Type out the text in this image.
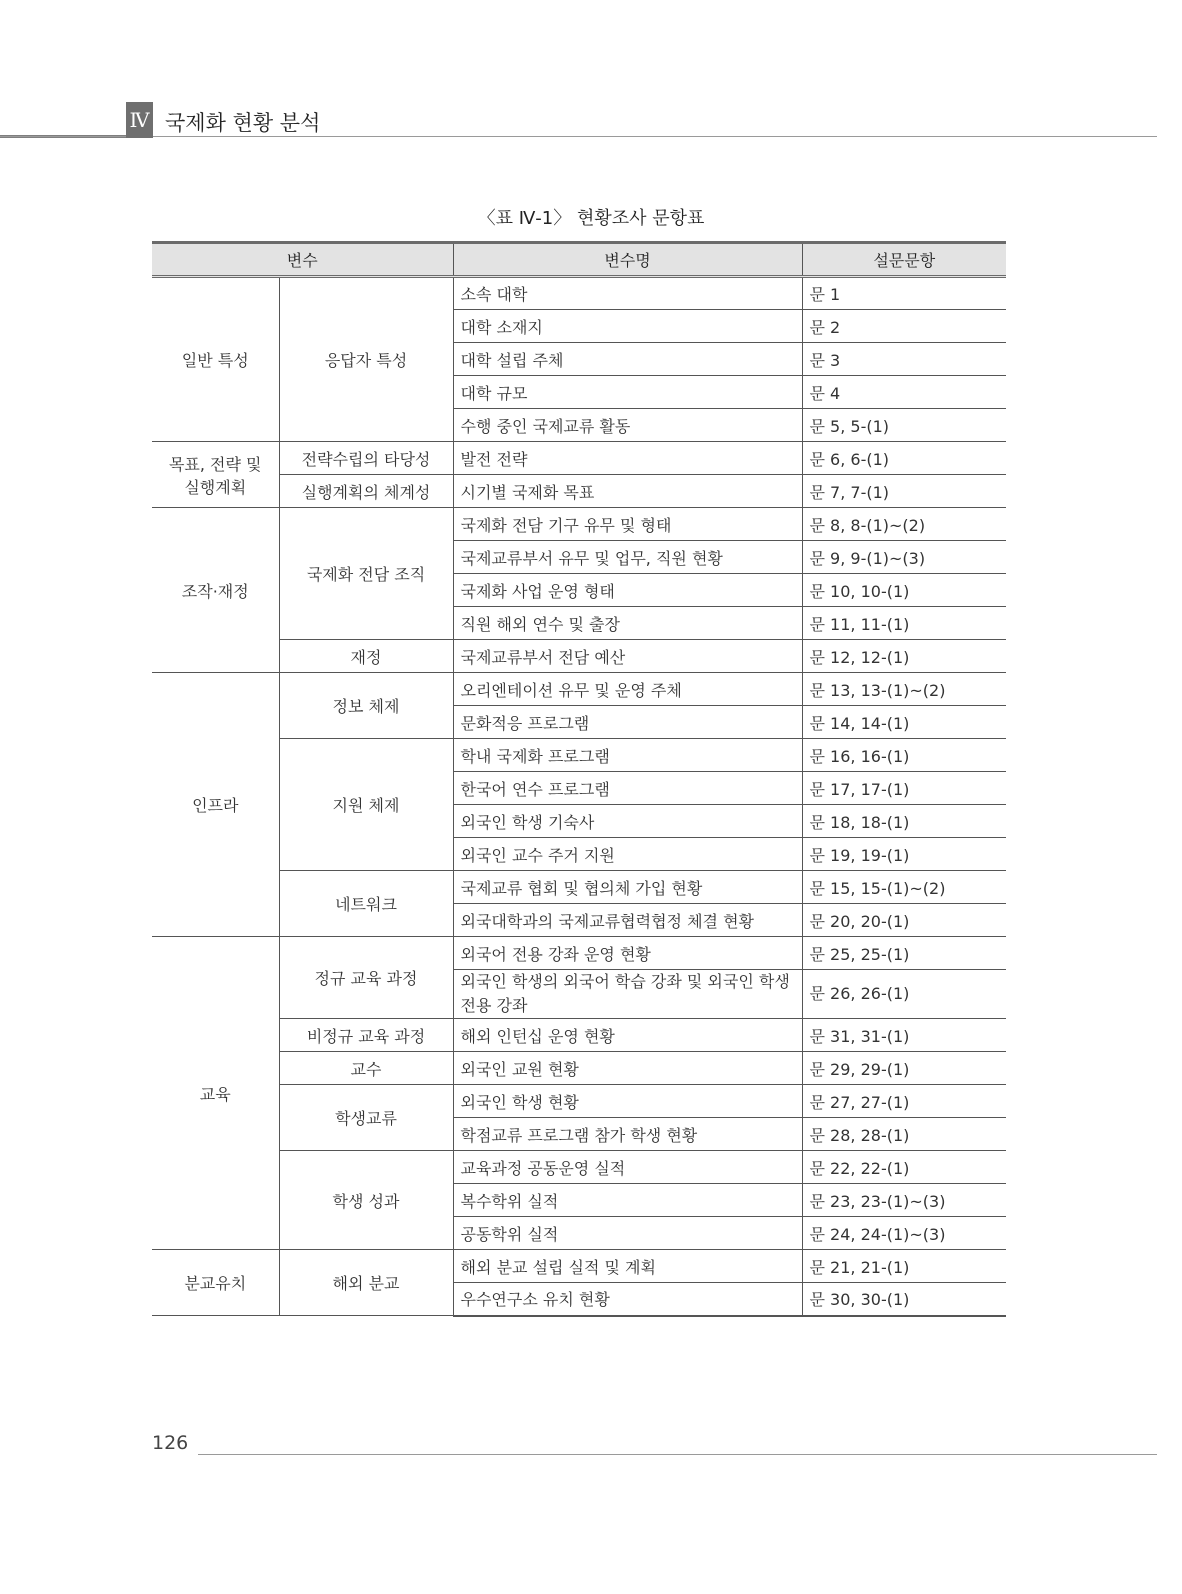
Ⅳ 국제화 현황 분석
〈표 Ⅳ-1〉 현황조사 문항표
변수		변수명	설문문항
일반 특성	응답자 특성	소속 대학	문 1
		대학 소재지	문 2
		대학 설립 주체	문 3
		대학 규모	문 4
		수행 중인 국제교류 활동	문 5, 5-(1)
목표, 전략 및 실행계획	전략수립의 타당성	발전 전략	문 6, 6-(1)
	실행계획의 체계성	시기별 국제화 목표	문 7, 7-(1)
조작·재정	국제화 전담 조직	국제화 전담 기구 유무 및 형태	문 8, 8-(1)~(2)
		국제교류부서 유무 및 업무, 직원 현황	문 9, 9-(1)~(3)
		국제화 사업 운영 형태	문 10, 10-(1)
		직원 해외 연수 및 출장	문 11, 11-(1)
	재정	국제교류부서 전담 예산	문 12, 12-(1)
인프라	정보 체제	오리엔테이션 유무 및 운영 주체	문 13, 13-(1)~(2)
		문화적응 프로그램	문 14, 14-(1)
	지원 체제	학내 국제화 프로그램	문 16, 16-(1)
		한국어 연수 프로그램	문 17, 17-(1)
		외국인 학생 기숙사	문 18, 18-(1)
		외국인 교수 주거 지원	문 19, 19-(1)
	네트워크	국제교류 협회 및 협의체 가입 현황	문 15, 15-(1)~(2)
		외국대학과의 국제교류협력협정 체결 현황	문 20, 20-(1)
교육	정규 교육 과정	외국어 전용 강좌 운영 현황	문 25, 25-(1)
		외국인 학생의 외국어 학습 강좌 및 외국인 학생 전용 강좌	문 26, 26-(1)
	비정규 교육 과정	해외 인턴십 운영 현황	문 31, 31-(1)
	교수	외국인 교원 현황	문 29, 29-(1)
	학생교류	외국인 학생 현황	문 27, 27-(1)
		학점교류 프로그램 참가 학생 현황	문 28, 28-(1)
	학생 성과	교육과정 공동운영 실적	문 22, 22-(1)
		복수학위 실적	문 23, 23-(1)~(3)
		공동학위 실적	문 24, 24-(1)~(3)
분교유치	해외 분교	해외 분교 설립 실적 및 계획	문 21, 21-(1)
		우수연구소 유치 현황	문 30, 30-(1)
126
